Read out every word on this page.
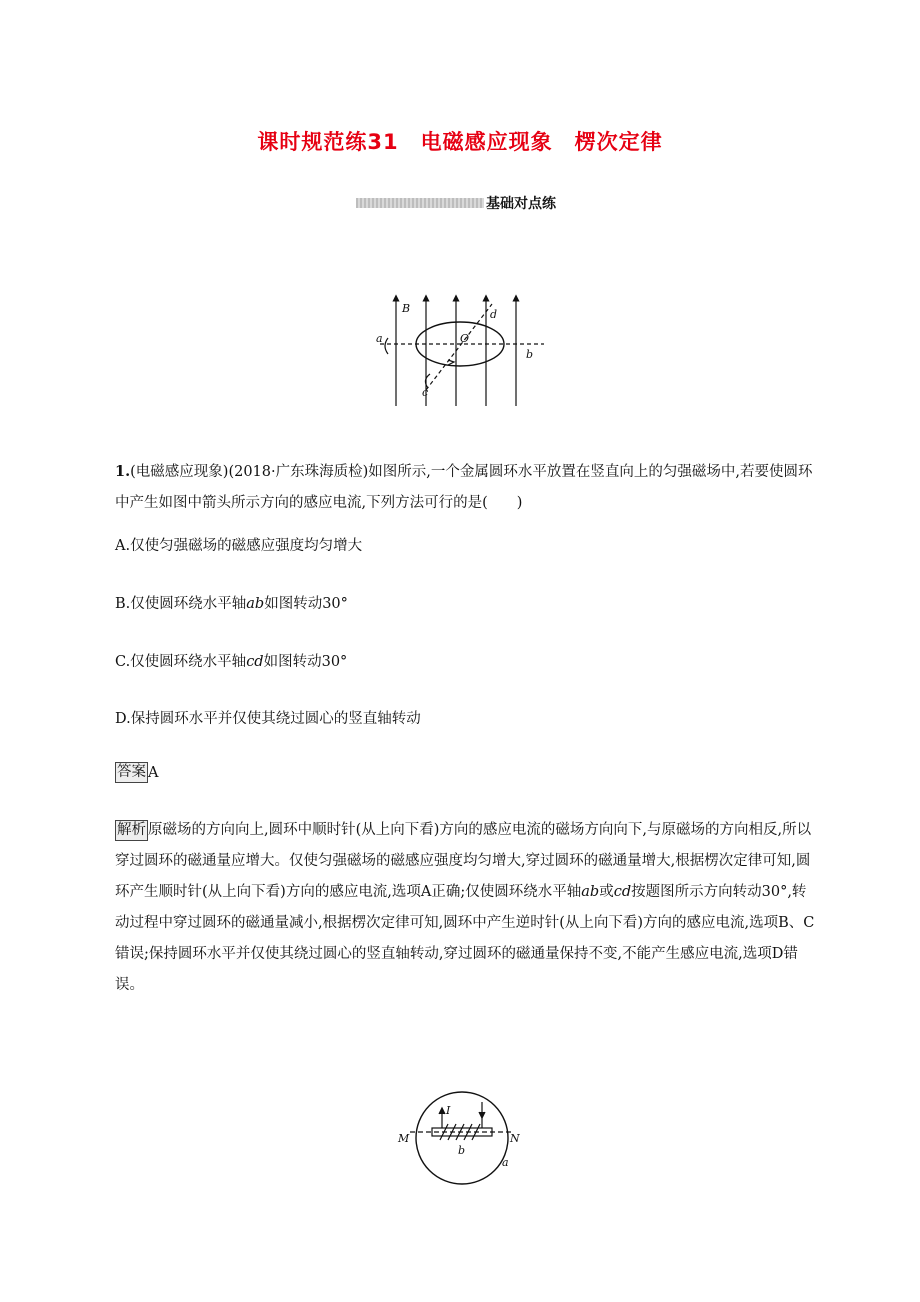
课时规范练31　电磁感应现象　楞次定律
基础对点练
B	d
a	O
b
c
1.(电磁感应现象)(2018·广东珠海质检)如图所示,一个金属圆环水平放置在竖直向上的匀强磁场中,若要使圆环中产生如图中箭头所示方向的感应电流,下列方法可行的是(　　)
A.仅使匀强磁场的磁感应强度均匀增大
B.仅使圆环绕水平轴ab如图转动30°
C.仅使圆环绕水平轴cd如图转动30°
D.保持圆环水平并仅使其绕过圆心的竖直轴转动
答案 A
解析 原磁场的方向向上,圆环中顺时针(从上向下看)方向的感应电流的磁场方向向下,与原磁场的方向相反,所以穿过圆环的磁通量应增大。仅使匀强磁场的磁感应强度均匀增大,穿过圆环的磁通量增大,根据楞次定律可知,圆环产生顺时针(从上向下看)方向的感应电流,选项A正确;仅使圆环绕水平轴ab或cd按题图所示方向转动30°,转动过程中穿过圆环的磁通量减小,根据楞次定律可知,圆环中产生逆时针(从上向下看)方向的感应电流,选项B、C错误;保持圆环水平并仅使其绕过圆心的竖直轴转动,穿过圆环的磁通量保持不变,不能产生感应电流,选项D错误。
I
M	N
b
a
